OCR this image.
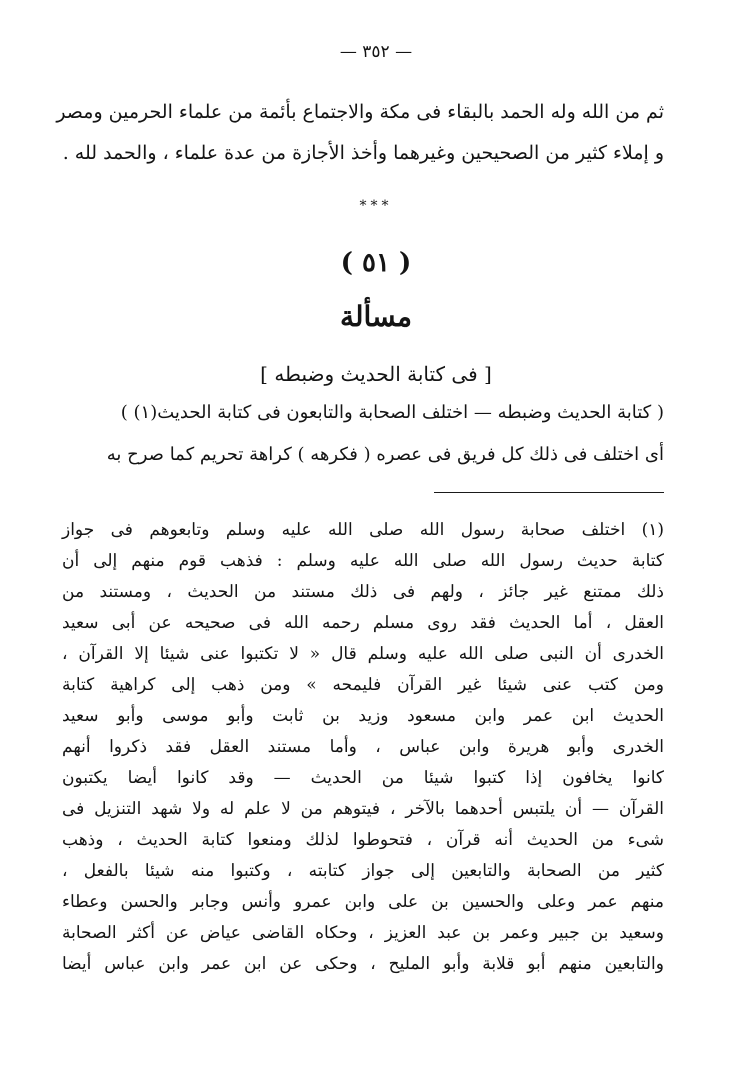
— ٣٥٢ —
ثم من الله وله الحمد بالبقاء فى مكة والاجتماع بأئمة من علماء الحرمين ومصر
و إملاء كثير من الصحيحين وغيرهما وأخذ الأجازة من عدة علماء ، والحمد لله .
***
( ٥١ )
مسألة
[ فى كتابة الحديث وضبطه ]
( كتابة الحديث وضبطه — اختلف الصحابة والتابعون فى كتابة الحديث(١) )
أى اختلف فى ذلك كل فريق فى عصره ( فكرهه ) كراهة تحريم كما صرح به
(١) اختلف صحابة رسول الله صلى الله عليه وسلم وتابعوهم فى جواز
كتابة حديث رسول الله صلى الله عليه وسلم : فذهب قوم منهم إلى أن
ذلك ممتنع غير جائز ، ولهم فى ذلك مستند من الحديث ، ومستند من
العقل ، أما الحديث فقد روى مسلم رحمه الله فى صحيحه عن أبى سعيد
الخدرى أن النبى صلى الله عليه وسلم قال « لا تكتبوا عنى شيئا إلا القرآن ،
ومن كتب عنى شيئا غير القرآن فليمحه » ومن ذهب إلى كراهية كتابة
الحديث ابن عمر وابن مسعود وزيد بن ثابت وأبو موسى وأبو سعيد
الخدرى وأبو هريرة وابن عباس ، وأما مستند العقل فقد ذكروا أنهم
كانوا يخافون إذا كتبوا شيئا من الحديث — وقد كانوا أيضا يكتبون
القرآن — أن يلتبس أحدهما بالآخر ، فيتوهم من لا علم له ولا شهد التنزيل فى
شىء من الحديث أنه قرآن ، فتحوطوا لذلك ومنعوا كتابة الحديث ، وذهب
كثير من الصحابة والتابعين إلى جواز كتابته ، وكتبوا منه شيئا بالفعل ،
منهم عمر وعلى والحسين بن على وابن عمرو وأنس وجابر والحسن وعطاء
وسعيد بن جبير وعمر بن عبد العزيز ، وحكاه القاضى عياض عن أكثر الصحابة
والتابعين منهم أبو قلابة وأبو المليح ، وحكى عن ابن عمر وابن عباس أيضا
